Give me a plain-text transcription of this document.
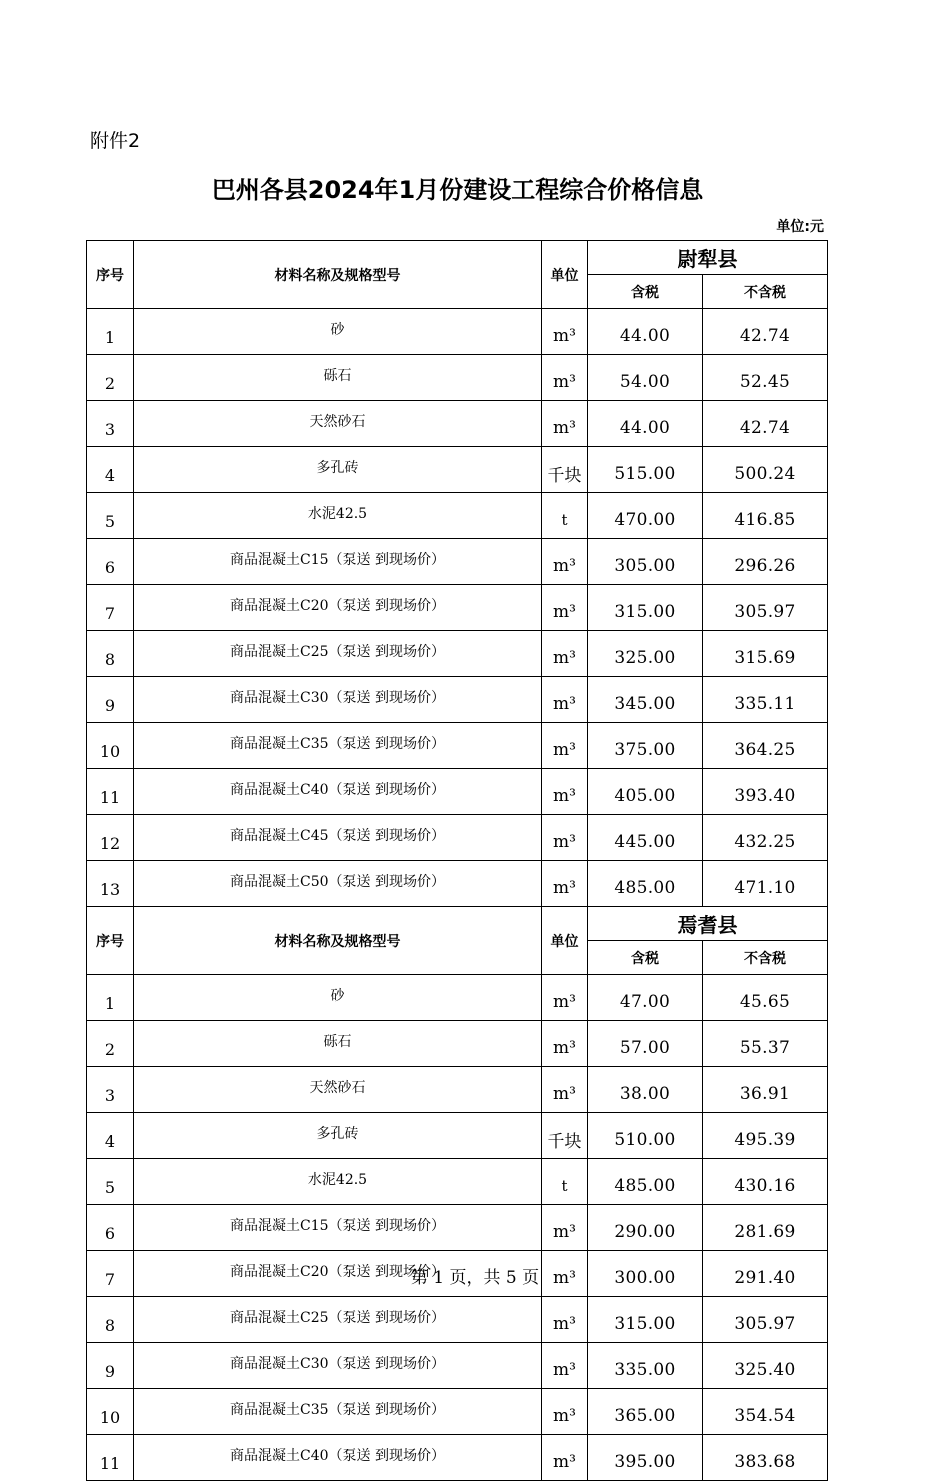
附件2
巴州各县2024年1月份建设工程综合价格信息
单位:元
序号	材料名称及规格型号	单位	尉犁县	
			含税	不含税
1	砂	m³	44.00	42.74
2	砾石	m³	54.00	52.45
3	天然砂石	m³	44.00	42.74
4	多孔砖	千块	515.00	500.24
5	水泥42.5	t	470.00	416.85
6	商品混凝土C15（泵送 到现场价）	m³	305.00	296.26
7	商品混凝土C20（泵送 到现场价）	m³	315.00	305.97
8	商品混凝土C25（泵送 到现场价）	m³	325.00	315.69
9	商品混凝土C30（泵送 到现场价）	m³	345.00	335.11
10	商品混凝土C35（泵送 到现场价）	m³	375.00	364.25
11	商品混凝土C40（泵送 到现场价）	m³	405.00	393.40
12	商品混凝土C45（泵送 到现场价）	m³	445.00	432.25
13	商品混凝土C50（泵送 到现场价）	m³	485.00	471.10
序号	材料名称及规格型号	单位	焉耆县	
			含税	不含税
1	砂	m³	47.00	45.65
2	砾石	m³	57.00	55.37
3	天然砂石	m³	38.00	36.91
4	多孔砖	千块	510.00	495.39
5	水泥42.5	t	485.00	430.16
6	商品混凝土C15（泵送 到现场价）	m³	290.00	281.69
7	商品混凝土C20（泵送 到现场价）	m³	300.00	291.40
8	商品混凝土C25（泵送 到现场价）	m³	315.00	305.97
9	商品混凝土C30（泵送 到现场价）	m³	335.00	325.40
10	商品混凝土C35（泵送 到现场价）	m³	365.00	354.54
11	商品混凝土C40（泵送 到现场价）	m³	395.00	383.68
第 1 页，共 5 页
